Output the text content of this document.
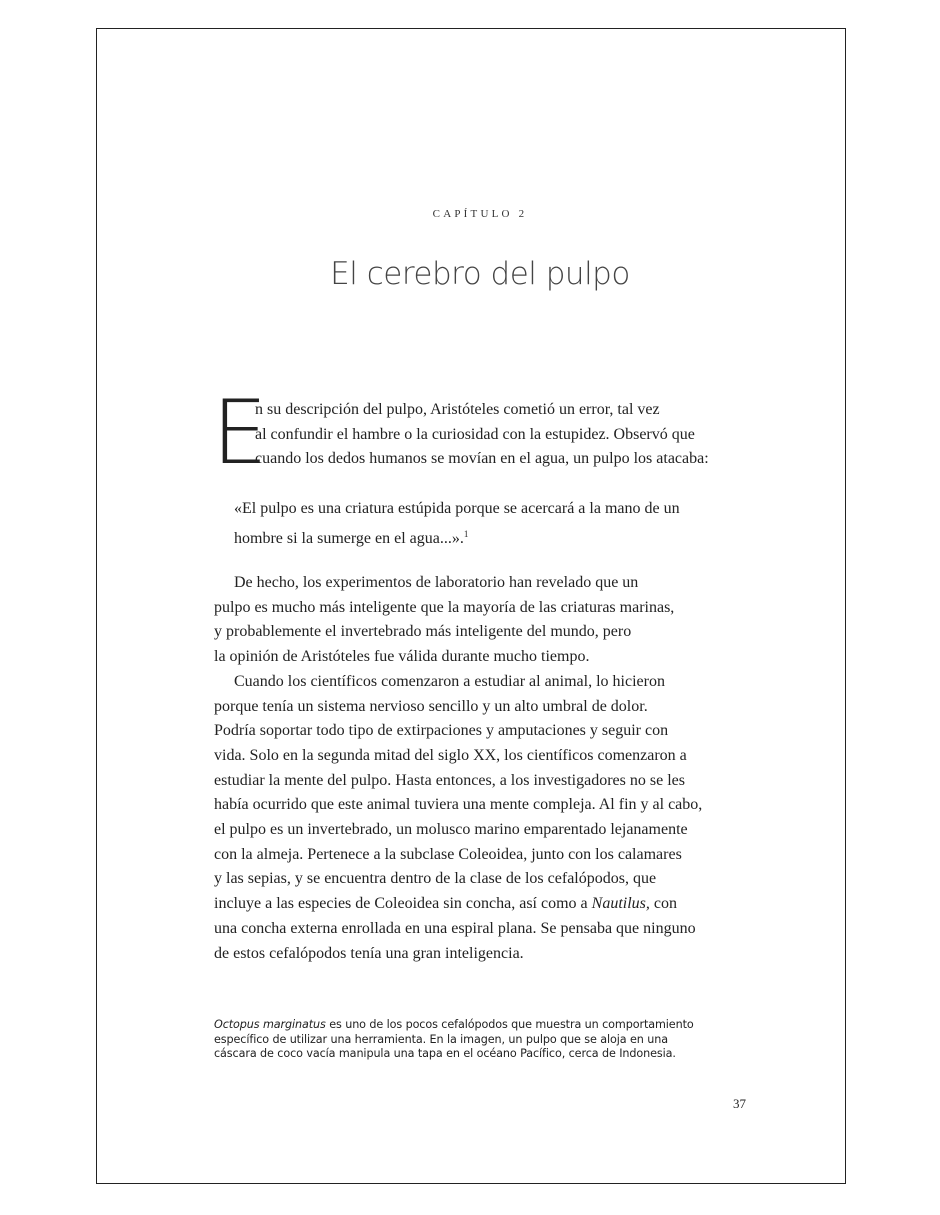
CAPÍTULO 2
El cerebro del pulpo
E
n su descripción del pulpo, Aristóteles cometió un error, tal vez
al confundir el hambre o la curiosidad con la estupidez. Observó que
cuando los dedos humanos se movían en el agua, un pulpo los atacaba:
«El pulpo es una criatura estúpida porque se acercará a la mano de un
hombre si la sumerge en el agua...».$^1$
De hecho, los experimentos de laboratorio han revelado que un
pulpo es mucho más inteligente que la mayoría de las criaturas marinas,
y probablemente el invertebrado más inteligente del mundo, pero
la opinión de Aristóteles fue válida durante mucho tiempo.
Cuando los científicos comenzaron a estudiar al animal, lo hicieron
porque tenía un sistema nervioso sencillo y un alto umbral de dolor.
Podría soportar todo tipo de extirpaciones y amputaciones y seguir con
vida. Solo en la segunda mitad del siglo XX, los científicos comenzaron a
estudiar la mente del pulpo. Hasta entonces, a los investigadores no se les
había ocurrido que este animal tuviera una mente compleja. Al fin y al cabo,
el pulpo es un invertebrado, un molusco marino emparentado lejanamente
con la almeja. Pertenece a la subclase Coleoidea, junto con los calamares
y las sepias, y se encuentra dentro de la clase de los cefalópodos, que
incluye a las especies de Coleoidea sin concha, así como a Nautilus, con
una concha externa enrollada en una espiral plana. Se pensaba que ninguno
de estos cefalópodos tenía una gran inteligencia.
Octopus marginatus es uno de los pocos cefalópodos que muestra un comportamiento
específico de utilizar una herramienta. En la imagen, un pulpo que se aloja en una
cáscara de coco vacía manipula una tapa en el océano Pacífico, cerca de Indonesia.
37
